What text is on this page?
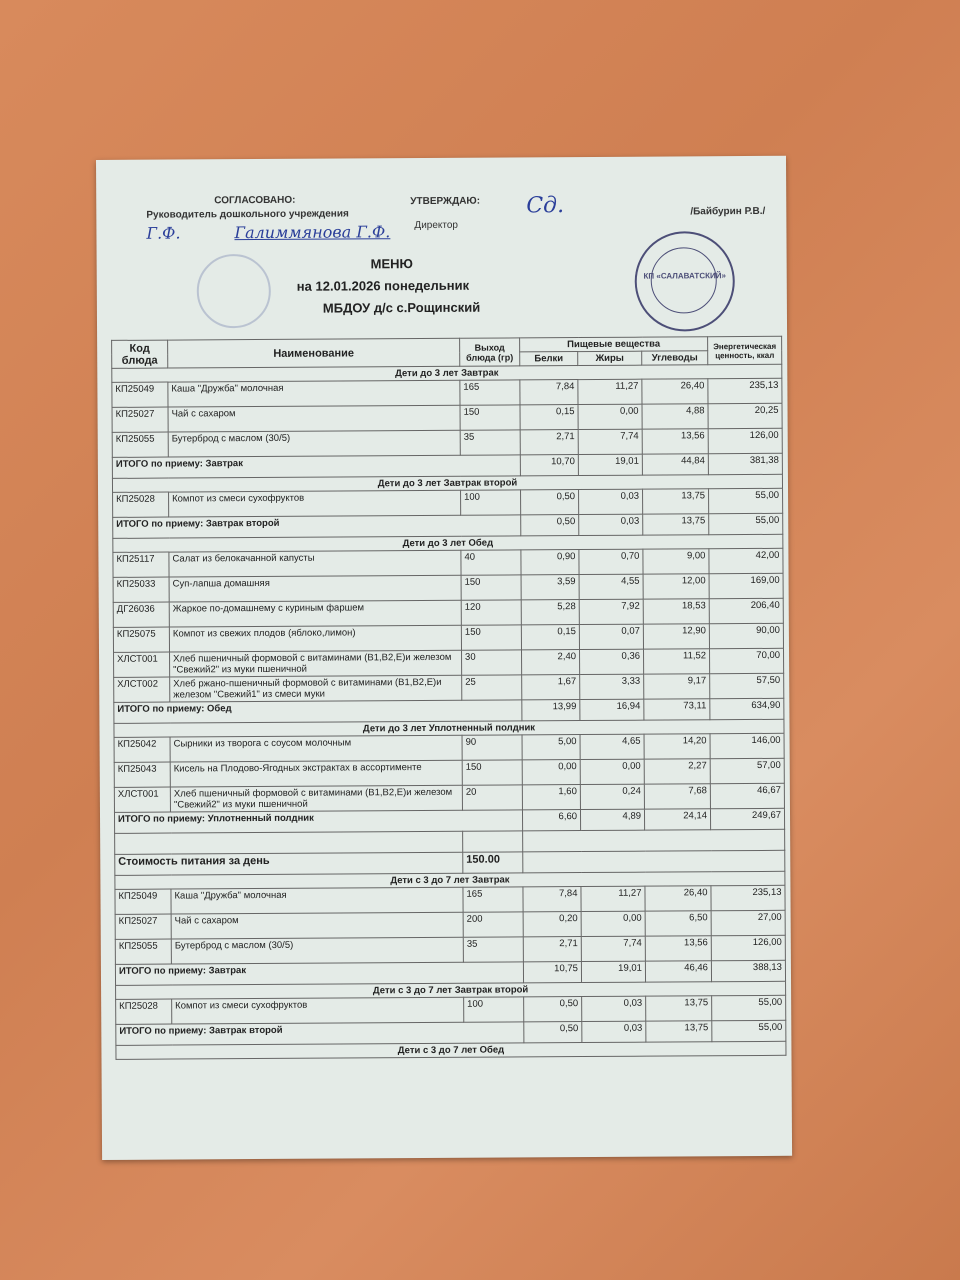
СОГЛАСОВАНО:
Руководитель дошкольного учреждения
Г.Ф.	Галиммянова Г.Ф.
УТВЕРЖДАЮ:
Директор
Сд.	/Байбурин Р.В./
КП «САЛАВАТСКИЙ»
МЕНЮ
на 12.01.2026 понедельник
МБДОУ д/с с.Рощинский
Код блюда	Наименование	Выход блюда (гр)	Пищевые вещества			Энергетическая ценность, ккал
			Белки	Жиры	Углеводы	
Дети до 3 лет Завтрак						
КП25049	Каша "Дружба" молочная	165	7,84	11,27	26,40	235,13
КП25027	Чай с сахаром	150	0,15	0,00	4,88	20,25
КП25055	Бутерброд с маслом (30/5)	35	2,71	7,74	13,56	126,00
ИТОГО по приему: Завтрак			10,70	19,01	44,84	381,38
Дети до 3 лет Завтрак второй						
КП25028	Компот из смеси сухофруктов	100	0,50	0,03	13,75	55,00
ИТОГО по приему: Завтрак второй			0,50	0,03	13,75	55,00
Дети до 3 лет Обед						
КП25117	Салат из белокачанной капусты	40	0,90	0,70	9,00	42,00
КП25033	Суп-лапша домашняя	150	3,59	4,55	12,00	169,00
ДГ26036	Жаркое по-домашнему с куриным фаршем	120	5,28	7,92	18,53	206,40
КП25075	Компот из свежих плодов (яблоко,лимон)	150	0,15	0,07	12,90	90,00
ХЛСТ001	Хлеб пшеничный формовой с витаминами (В1,В2,Е)и железом "Свежий2" из муки пшеничной	30	2,40	0,36	11,52	70,00
ХЛСТ002	Хлеб ржано-пшеничный формовой с витаминами (В1,В2,Е)и железом "Свежий1" из смеси муки	25	1,67	3,33	9,17	57,50
ИТОГО по приему: Обед			13,99	16,94	73,11	634,90
Дети до 3 лет Уплотненный полдник						
КП25042	Сырники из творога с соусом молочным	90	5,00	4,65	14,20	146,00
КП25043	Кисель на Плодово-Ягодных экстрактах в ассортименте	150	0,00	0,00	2,27	57,00
ХЛСТ001	Хлеб пшеничный формовой с витаминами (В1,В2,Е)и железом "Свежий2" из муки пшеничной	20	1,60	0,24	7,68	46,67
ИТОГО по приему: Уплотненный полдник			6,60	4,89	24,14	249,67

Стоимость питания за день		150.00				
Дети с 3 до 7 лет Завтрак						
КП25049	Каша "Дружба" молочная	165	7,84	11,27	26,40	235,13
КП25027	Чай с сахаром	200	0,20	0,00	6,50	27,00
КП25055	Бутерброд с маслом (30/5)	35	2,71	7,74	13,56	126,00
ИТОГО по приему: Завтрак			10,75	19,01	46,46	388,13
Дети с 3 до 7 лет Завтрак второй						
КП25028	Компот из смеси сухофруктов	100	0,50	0,03	13,75	55,00
ИТОГО по приему: Завтрак второй			0,50	0,03	13,75	55,00
Дети с 3 до 7 лет Обед						
